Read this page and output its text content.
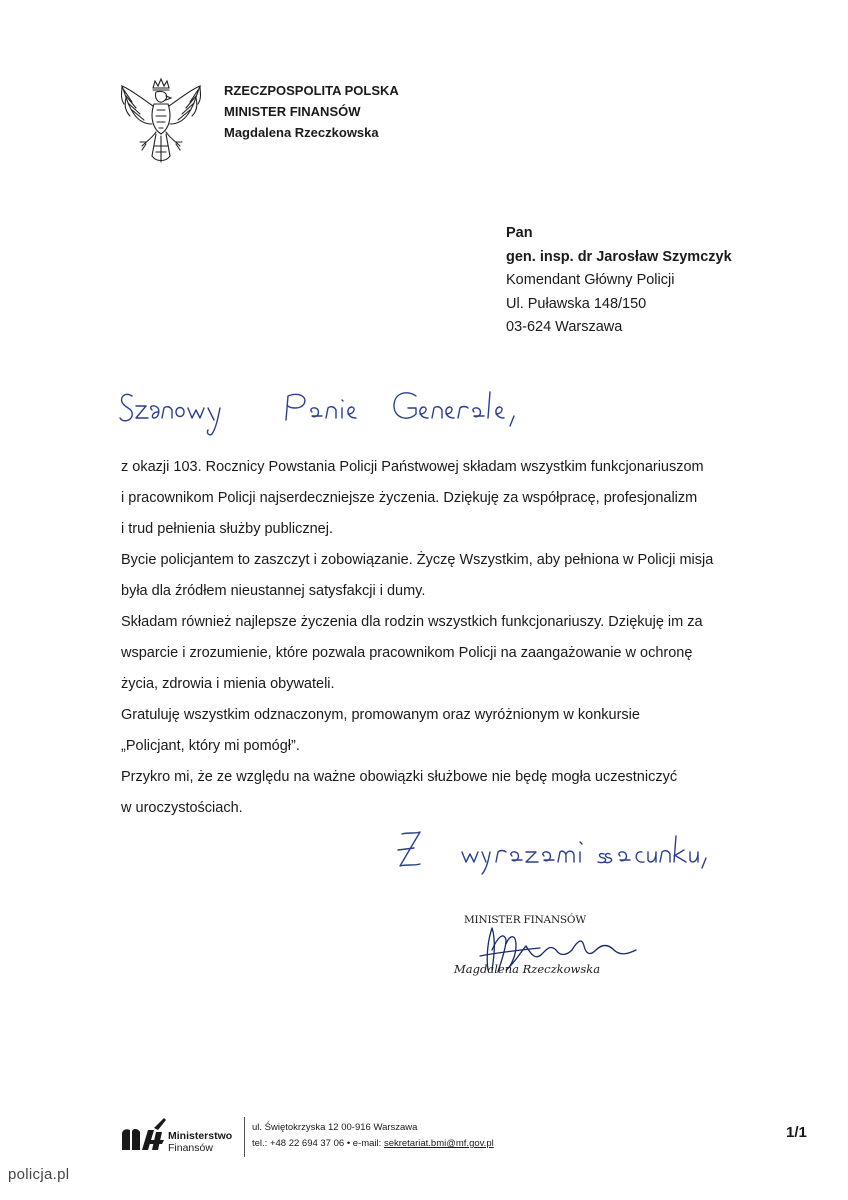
RZECZPOSPOLITA POLSKA
MINISTER FINANSÓW
Magdalena Rzeczkowska
Pan
gen. insp. dr Jarosław Szymczyk
Komendant Główny Policji
Ul. Puławska 148/150
03-624 Warszawa
z okazji 103. Rocznicy Powstania Policji Państwowej składam wszystkim funkcjonariuszom
i pracownikom Policji najserdeczniejsze życzenia. Dziękuję za współpracę, profesjonalizm
i trud pełnienia służby publicznej.
Bycie policjantem to zaszczyt i zobowiązanie. Życzę Wszystkim, aby pełniona w Policji misja
była dla źródłem nieustannej satysfakcji i dumy.
Składam również najlepsze życzenia dla rodzin wszystkich funkcjonariuszy. Dziękuję im za
wsparcie i zrozumienie, które pozwala pracownikom Policji na zaangażowanie w ochronę
życia, zdrowia i mienia obywateli.
Gratuluję wszystkim odznaczonym, promowanym oraz wyróżnionym w konkursie
„Policjant, który mi pomógł”.
Przykro mi, że ze względu na ważne obowiązki służbowe nie będę mogła uczestniczyć
w uroczystościach.
MINISTER FINANSÓW
Magdalena Rzeczkowska
Ministerstwo
Finansów
ul. Świętokrzyska 12 00-916 Warszawa
tel.: +48 22 694 37 06 • e-mail: sekretariat.bmi@mf.gov.pl
1/1
policja.pl
